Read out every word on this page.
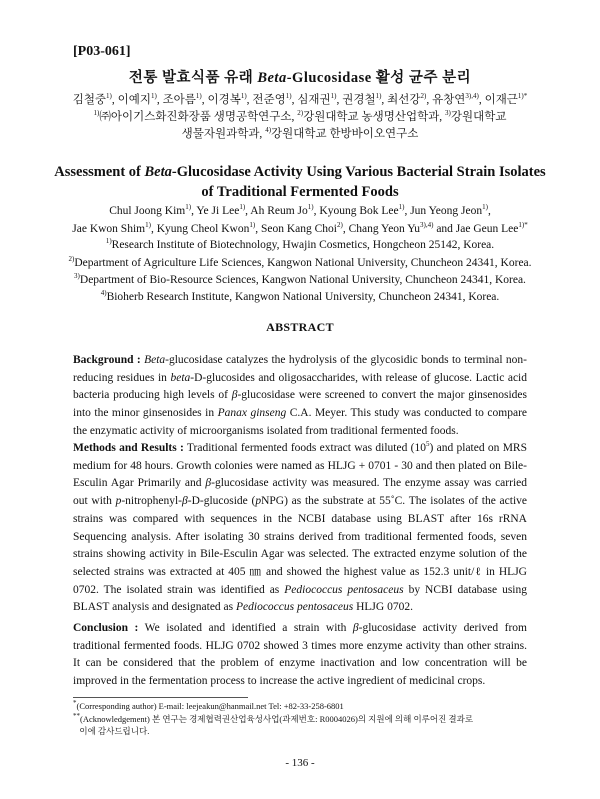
[P03-061]
전통 발효식품 유래 Beta-Glucosidase 활성 균주 분리
김철중$^{1)}$, 이예지$^{1)}$, 조아름$^{1)}$, 이경복$^{1)}$, 전준영$^{1)}$, 심재권$^{1)}$, 권경철$^{1)}$, 최선강$^{2)}$, 유창연$^{3),4)}$, 이재근$^{1)*}$
$^{1)}$㈜아이기스화진화장품 생명공학연구소, $^{2)}$강원대학교 농생명산업학과, $^{3)}$강원대학교
생물자원과학과, $^{4)}$강원대학교 한방바이오연구소
Assessment of Beta-Glucosidase Activity Using Various Bacterial Strain Isolates
of Traditional Fermented Foods
Chul Joong Kim$^{1)}$, Ye Ji Lee$^{1)}$, Ah Reum Jo$^{1)}$, Kyoung Bok Lee$^{1)}$, Jun Yeong Jeon$^{1)}$,
Jae Kwon Shim$^{1)}$, Kyung Cheol Kwon$^{1)}$, Seon Kang Choi$^{2)}$, Chang Yeon $Yu^{3),4)}$ and Jae Geun Lee$^{1)*}$
$^{1)}$Research Institute of Biotechnology, Hwajin Cosmetics, Hongcheon 25142, Korea.
$^{2)}$Department of Agriculture Life Sciences, Kangwon National University, Chuncheon 24341, Korea.
$^{3)}$Department of Bio-Resource Sciences, Kangwon National University, Chuncheon 24341, Korea.
$^{4)}$Bioherb Research Institute, Kangwon National University, Chuncheon 24341, Korea.
ABSTRACT
Background : Beta-glucosidase catalyzes the hydrolysis of the glycosidic bonds to terminal non-reducing residues in beta-D-glucosides and oligosaccharides, with release of glucose. Lactic acid bacteria producing high levels of β-glucosidase were screened to convert the major ginsenosides into the minor ginsenosides in Panax ginseng C.A. Meyer. This study was conducted to compare the enzymatic activity of microorganisms isolated from traditional fermented foods.
Methods and Results : Traditional fermented foods extract was diluted $(10^5)$ and plated on MRS medium for 48 hours. Growth colonies were named as HLJG + 0701 - 30 and then plated on Bile-Esculin Agar Primarily and β-glucosidase activity was measured. The enzyme assay was carried out with p-nitrophenyl-β-D-glucoside (pNPG) as the substrate at 55˚C. The isolates of the active strains was compared with sequences in the NCBI database using BLAST after 16s rRNA Sequencing analysis. After isolating 30 strains derived from traditional fermented foods, seven strains showing activity in Bile-Esculin Agar was selected. The extracted enzyme solution of the selected strains was extracted at 405 ㎚ and showed the highest value as 152.3 unit/ℓ in HLJG 0702. The isolated strain was identified as Pediococcus pentosaceus by NCBI database using BLAST analysis and designated as Pediococcus pentosaceus HLJG 0702.
Conclusion : We isolated and identified a strain with β-glucosidase activity derived from traditional fermented foods. HLJG 0702 showed 3 times more enzyme activity than other strains. It can be considered that the problem of enzyme inactivation and low concentration will be improved in the fermentation process to increase the active ingredient of medicinal crops.
*(Corresponding author) E-mail: leejeakun@hanmail.net Tel: +82-33-258-6801
**(Acknowledgement) 본 연구는 경제협력권산업육성사업(과제번호: R0004026)의 지원에 의해 이루어진 결과로
이에 감사드립니다.
- 136 -
